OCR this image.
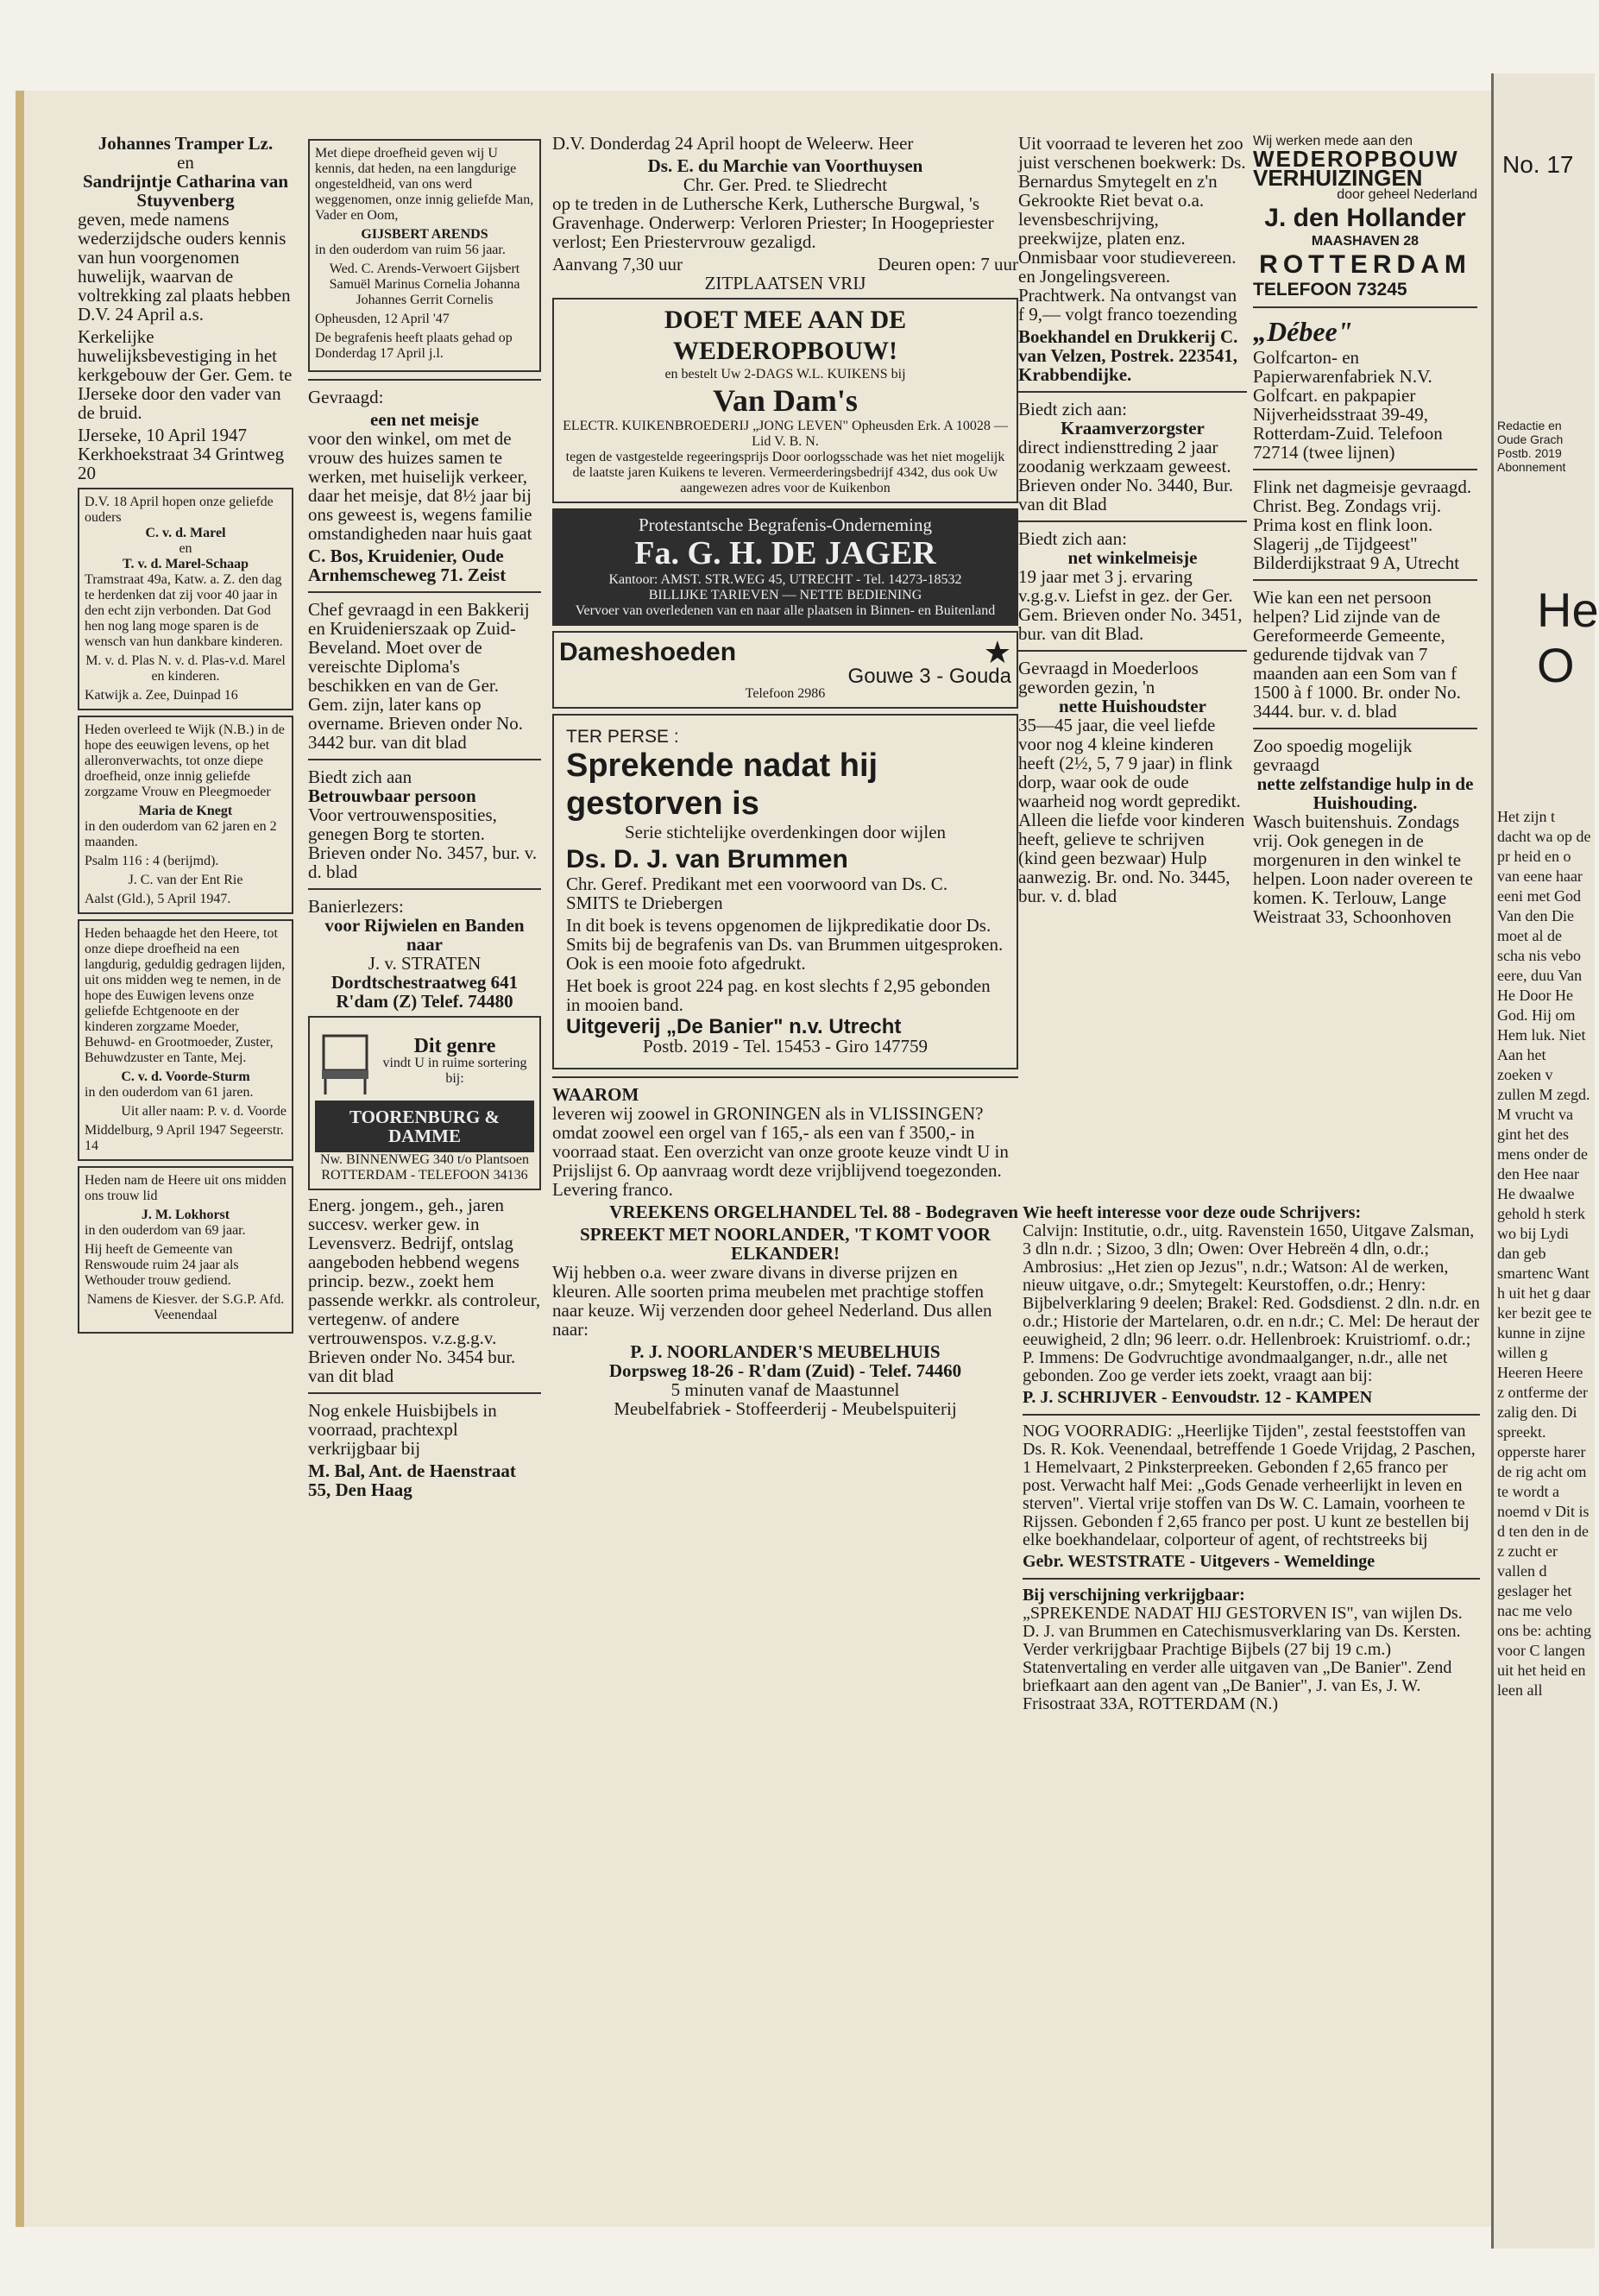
Johannes Tramper Lz.
en
Sandrijntje Catharina van Stuyvenberg

geven, mede namens wederzijdsche ouders kennis van hun voorgenomen huwelijk, waarvan de voltrekking zal plaats hebben D.V. 24 April a.s.

Kerkelijke huwelijksbevestiging in het kerkgebouw der Ger. Gem. te IJerseke door den vader van de bruid.

IJerseke, 10 April 1947 Kerkhoekstraat 34 Grintweg 20

D.V. 18 April hopen onze geliefde ouders
C. v. d. Marel
en
T. v. d. Marel-Schaap

Tramstraat 49a, Katw. a. Z. den dag te herdenken dat zij voor 40 jaar in den echt zijn verbonden. Dat God hen nog lang moge sparen is de wensch van hun dankbare kinderen.

M. v. d. Plas N. v. d. Plas-v.d. Marel en kinderen.

Katwijk a. Zee, Duinpad 16

Heden overleed te Wijk (N.B.) in de hope des eeuwigen levens, op het alleronverwachts, tot onze diepe droefheid, onze innig geliefde zorgzame Vrouw en Pleegmoeder

Maria de Knegt

in den ouderdom van 62 jaren en 2 maanden.

Psalm 116 : 4 (berijmd).

J. C. van der Ent Rie

Aalst (Gld.), 5 April 1947.

Heden behaagde het den Heere, tot onze diepe droefheid na een langdurig, geduldig gedragen lijden, uit ons midden weg te nemen, in de hope des Euwigen levens onze geliefde Echtgenoote en der kinderen zorgzame Moeder, Behuwd- en Grootmoeder, Zuster, Behuwdzuster en Tante, Mej.

C. v. d. Voorde-Sturm

in den ouderdom van 61 jaren.

Uit aller naam: P. v. d. Voorde

Middelburg, 9 April 1947 Segeerstr. 14

Heden nam de Heere uit ons midden ons trouw lid

J. M. Lokhorst

in den ouderdom van 69 jaar.

Hij heeft de Gemeente van Renswoude ruim 24 jaar als Wethouder trouw gediend.

Namens de Kiesver. der S.G.P. Afd. Veenendaal

Met diepe droefheid geven wij U kennis, dat heden, na een langdurige ongesteldheid, van ons werd weggenomen, onze innig geliefde Man, Vader en Oom,

GIJSBERT ARENDS

in den ouderdom van ruim 56 jaar.

Wed. C. Arends-Verwoert Gijsbert Samuël Marinus Cornelia Johanna Johannes Gerrit Cornelis

Opheusden, 12 April '47

De begrafenis heeft plaats gehad op Donderdag 17 April j.l.

Gevraagd:

een net meisje

voor den winkel, om met de vrouw des huizes samen te werken, met huiselijk verkeer, daar het meisje, dat 8½ jaar bij ons geweest is, wegens familie omstandigheden naar huis gaat

C. Bos, Kruidenier, Oude Arnhemscheweg 71. Zeist

Chef gevraagd in een Bakkerij en Kruidenierszaak op Zuid-Beveland. Moet over de vereischte Diploma's beschikken en van de Ger. Gem. zijn, later kans op overname. Brieven onder No. 3442 bur. van dit blad

Biedt zich aan
Betrouwbaar persoon

Voor vertrouwensposities, genegen Borg te storten. Brieven onder No. 3457, bur. v. d. blad

Banierlezers:
voor Rijwielen en Banden naar
J. v. STRATEN

Dordtschestraatweg 641 R'dam (Z) Telef. 74480

Dit genre
vindt U in ruime sortering bij:
TOORENBURG & DAMME
Nw. BINNENWEG 340 t/o Plantsoen ROTTERDAM - TELEFOON 34136

Energ. jongem., geh., jaren succesv. werker gew. in Levensverz. Bedrijf, ontslag aangeboden hebbend wegens princip. bezw., zoekt hem passende werkkr. als controleur, vertegenw. of andere vertrouwenspos. v.z.g.g.v. Brieven onder No. 3454 bur. van dit blad

Nog enkele Huisbijbels in voorraad, prachtexpl verkrijgbaar bij

M. Bal, Ant. de Haenstraat 55, Den Haag

D.V. Donderdag 24 April hoopt de Weleerw. Heer

Ds. E. du Marchie van Voorthuysen
Chr. Ger. Pred. te Sliedrecht

op te treden in de Luthersche Kerk, Luthersche Burgwal, 's Gravenhage. Onderwerp: Verloren Priester; In Hoogepriester verlost; Een Priestervrouw gezaligd.

Aanvang 7,30 uur	Deuren open: 7 uur
ZITPLAATSEN VRIJ
DOET MEE AAN DE WEDEROPBOUW!
en bestelt Uw 2-DAGS W.L. KUIKENS bij
Van Dam's
ELECTR. KUIKENBROEDERIJ „JONG LEVEN" Opheusden Erk. A 10028 — Lid V. B. N.
tegen de vastgestelde regeeringsprijs Door oorlogsschade was het niet mogelijk de laatste jaren Kuikens te leveren. Vermeerderingsbedrijf 4342, dus ook Uw aangewezen adres voor de Kuikenbon
Protestantsche Begrafenis-Onderneming
Fa. G. H. DE JAGER
Kantoor: AMST. STR.WEG 45, UTRECHT - Tel. 14273-18532
BILLIJKE TARIEVEN — NETTE BEDIENING
Vervoer van overledenen van en naar alle plaatsen in Binnen- en Buitenland
Dameshoeden	★
Gouwe 3 - Gouda
Telefoon 2986
TER PERSE :
Sprekende nadat hij gestorven is

Serie stichtelijke overdenkingen door wijlen

Ds. D. J. van Brummen

Chr. Geref. Predikant met een voorwoord van Ds. C. SMITS te Driebergen

In dit boek is tevens opgenomen de lijkpredikatie door Ds. Smits bij de begrafenis van Ds. van Brummen uitgesproken. Ook is een mooie foto afgedrukt.

Het boek is groot 224 pag. en kost slechts f 2,95 gebonden in mooien band.

Uitgeverij „De Banier" n.v. Utrecht
Postb. 2019 - Tel. 15453 - Giro 147759
WAAROM

leveren wij zoowel in GRONINGEN als in VLISSINGEN? omdat zoowel een orgel van f 165,- als een van f 3500,- in voorraad staat. Een overzicht van onze groote keuze vindt U in Prijslijst 6. Op aanvraag wordt deze vrijblijvend toegezonden. Levering franco.

VREEKENS ORGELHANDEL Tel. 88 - Bodegraven

SPREEKT MET NOORLANDER, 'T KOMT VOOR ELKANDER!

Wij hebben o.a. weer zware divans in diverse prijzen en kleuren. Alle soorten prima meubelen met prachtige stoffen naar keuze. Wij verzenden door geheel Nederland. Dus allen naar:

P. J. NOORLANDER'S MEUBELHUIS
Dorpsweg 18-26 - R'dam (Zuid) - Telef. 74460
5 minuten vanaf de Maastunnel
Meubelfabriek - Stoffeerderij - Meubelspuiterij

Uit voorraad te leveren het zoo juist verschenen boekwerk: Ds. Bernardus Smytegelt en z'n Gekrookte Riet bevat o.a. levensbeschrijving, preekwijze, platen enz. Onmisbaar voor studievereen. en Jongelingsvereen. Prachtwerk. Na ontvangst van f 9,— volgt franco toezending

Boekhandel en Drukkerij C. van Velzen, Postrek. 223541, Krabbendijke.

Biedt zich aan:
Kraamverzorgster

direct indiensttreding 2 jaar zoodanig werkzaam geweest. Brieven onder No. 3440, Bur. van dit Blad

Biedt zich aan:
net winkelmeisje

19 jaar met 3 j. ervaring v.g.g.v. Liefst in gez. der Ger. Gem. Brieven onder No. 3451, bur. van dit Blad.

Gevraagd in Moederloos geworden gezin, 'n
nette Huishoudster

35—45 jaar, die veel liefde voor nog 4 kleine kinderen heeft (2½, 5, 7 9 jaar) in flink dorp, waar ook de oude waarheid nog wordt gepredikt. Alleen die liefde voor kinderen heeft, gelieve te schrijven (kind geen bezwaar) Hulp aanwezig. Br. ond. No. 3445, bur. v. d. blad

Wij werken mede aan den
WEDEROPBOUW
VERHUIZINGEN
door geheel Nederland
J. den Hollander
MAASHAVEN 28
ROTTERDAM
TELEFOON 73245
„Débee"

Golfcarton- en Papierwarenfabriek N.V. Golfcart. en pakpapier Nijverheidsstraat 39-49, Rotterdam-Zuid. Telefoon 72714 (twee lijnen)

Flink net dagmeisje gevraagd. Christ. Beg. Zondags vrij. Prima kost en flink loon. Slagerij „de Tijdgeest" Bilderdijkstraat 9 A, Utrecht

Wie kan een net persoon helpen? Lid zijnde van de Gereformeerde Gemeente, gedurende tijdvak van 7 maanden aan een Som van f 1500 à f 1000. Br. onder No. 3444. bur. v. d. blad

Zoo spoedig mogelijk gevraagd
nette zelfstandige hulp in de Huishouding.

Wasch buitenshuis. Zondags vrij. Ook genegen in de morgenuren in den winkel te helpen. Loon nader overeen te komen. K. Terlouw, Lange Weistraat 33, Schoonhoven

Wie heeft interesse voor deze oude Schrijvers:

Calvijn: Institutie, o.dr., uitg. Ravenstein 1650, Uitgave Zalsman, 3 dln n.dr. ; Sizoo, 3 dln; Owen: Over Hebreën 4 dln, o.dr.; Ambrosius: „Het zien op Jezus", n.dr.; Watson: Al de werken, nieuw uitgave, o.dr.; Smytegelt: Keurstoffen, o.dr.; Henry: Bijbelverklaring 9 deelen; Brakel: Red. Godsdienst. 2 dln. n.dr. en o.dr.; Historie der Martelaren, o.dr. en n.dr.; C. Mel: De heraut der eeuwigheid, 2 dln; 96 leerr. o.dr. Hellenbroek: Kruistriomf. o.dr.; P. Immens: De Godvruchtige avondmaalganger, n.dr., alle net gebonden. Zoo ge verder iets zoekt, vraagt aan bij:

P. J. SCHRIJVER - Eenvoudstr. 12 - KAMPEN

NOG VOORRADIG: „Heerlijke Tijden", zestal feeststoffen van Ds. R. Kok. Veenendaal, betreffende 1 Goede Vrijdag, 2 Paschen, 1 Hemelvaart, 2 Pinksterpreeken. Gebonden f 2,65 franco per post. Verwacht half Mei: „Gods Genade verheerlijkt in leven en sterven". Viertal vrije stoffen van Ds W. C. Lamain, voorheen te Rijssen. Gebonden f 2,65 franco per post. U kunt ze bestellen bij elke boekhandelaar, colporteur of agent, of rechtstreeks bij

Gebr. WESTSTRATE - Uitgevers - Wemeldinge

Bij verschijning verkrijgbaar:

„SPREKENDE NADAT HIJ GESTORVEN IS", van wijlen Ds. D. J. van Brummen en Catechismusverklaring van Ds. Kersten. Verder verkrijgbaar Prachtige Bijbels (27 bij 19 c.m.) Statenvertaling en verder alle uitgaven van „De Banier". Zend briefkaart aan den agent van „De Banier", J. van Es, J. W. Frisostraat 33A, ROTTERDAM (N.)

No. 17
Redactie en Oude Grach Postb. 2019 Abonnement
He O
Het zijn t dacht wa op de pr heid en o van eene haar eeni met God Van den Die moet al de scha nis vebo eere, duu Van He Door He God. Hij om Hem luk. Niet Aan het zoeken v zullen M zegd. M vrucht va gint het des mens onder de den Hee naar He dwaalwe gehold h sterk wo bij Lydi dan geb smartenc Want h uit het g daar ker bezit gee te kunne in zijne willen g Heeren Heere z ontferme der zalig den. Di spreekt. opperste harer de rig acht om te wordt a noemd v Dit is d ten den in de z zucht er vallen d geslager het nac me velo ons be: achting voor C langen uit het heid en leen all
